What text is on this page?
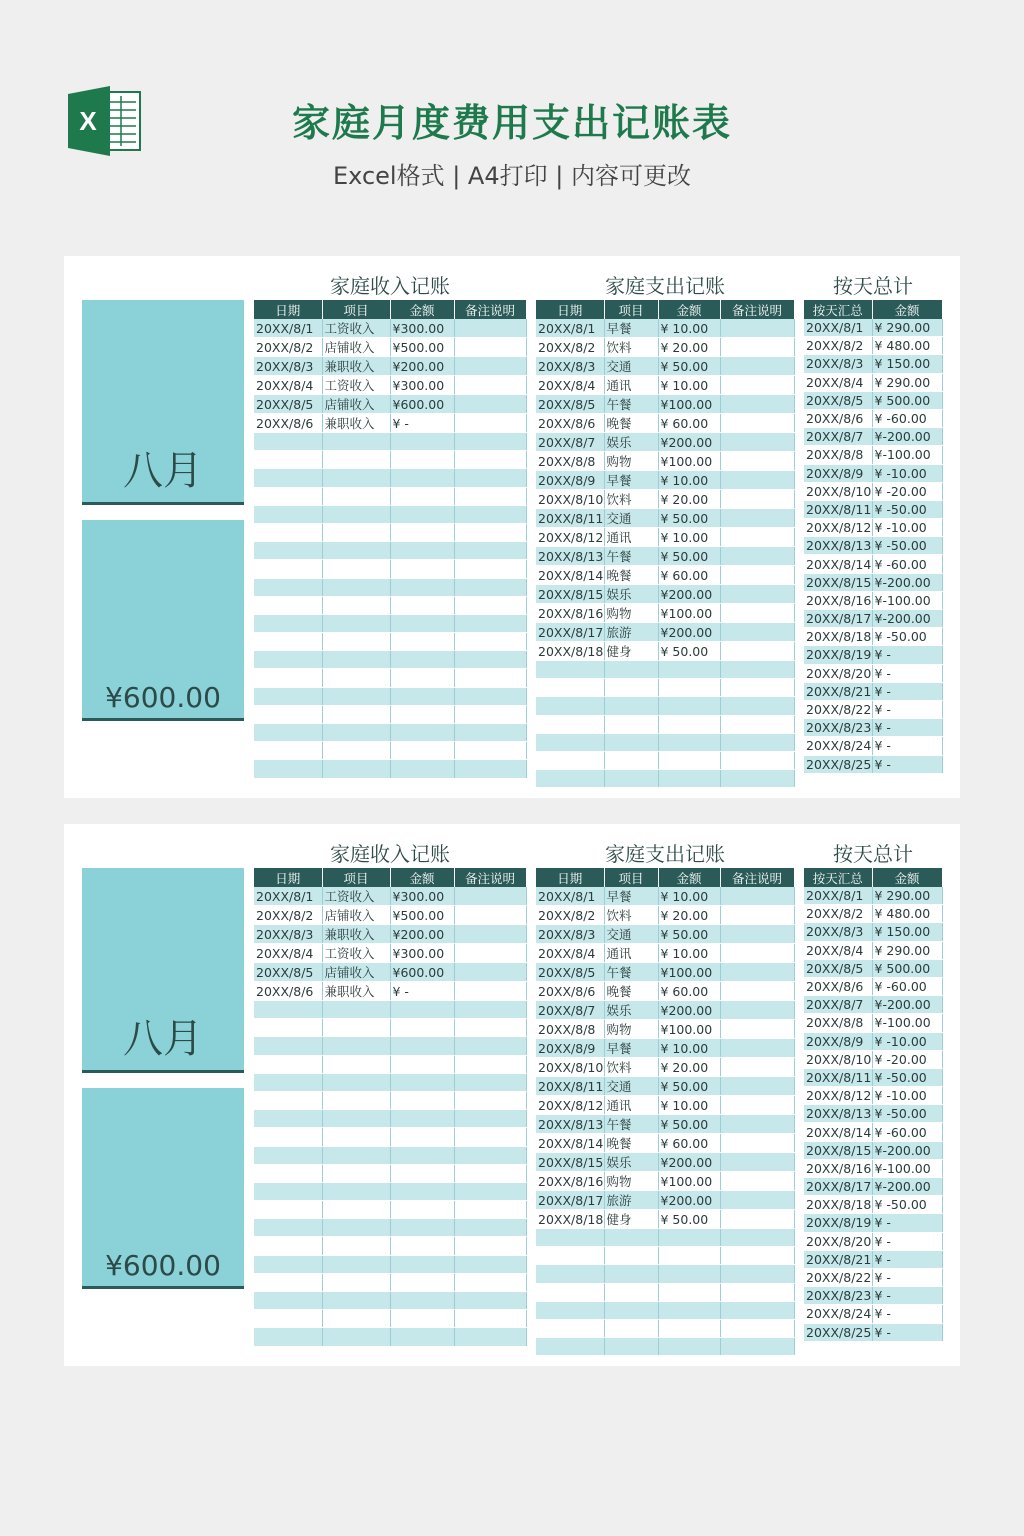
X	家庭月度费用支出记账表
Excel格式 | A4打印 | 内容可更改

八月
¥600.00
家庭收入记账
日期	项目	金额	备注说明
20XX/8/1	工资收入	¥300.00	
20XX/8/2	店铺收入	¥500.00	
20XX/8/3	兼职收入	¥200.00	
20XX/8/4	工资收入	¥300.00	
20XX/8/5	店铺收入	¥600.00	
20XX/8/6	兼职收入	¥ -	

家庭支出记账
日期	项目	金额	备注说明
20XX/8/1	早餐	¥ 10.00	
20XX/8/2	饮料	¥ 20.00	
20XX/8/3	交通	¥ 50.00	
20XX/8/4	通讯	¥ 10.00	
20XX/8/5	午餐	¥100.00	
20XX/8/6	晚餐	¥ 60.00	
20XX/8/7	娱乐	¥200.00	
20XX/8/8	购物	¥100.00	
20XX/8/9	早餐	¥ 10.00	
20XX/8/10	饮料	¥ 20.00	
20XX/8/11	交通	¥ 50.00	
20XX/8/12	通讯	¥ 10.00	
20XX/8/13	午餐	¥ 50.00	
20XX/8/14	晚餐	¥ 60.00	
20XX/8/15	娱乐	¥200.00	
20XX/8/16	购物	¥100.00	
20XX/8/17	旅游	¥200.00	
20XX/8/18	健身	¥ 50.00	

按天总计
按天汇总	金额
20XX/8/1	¥ 290.00
20XX/8/2	¥ 480.00
20XX/8/3	¥ 150.00
20XX/8/4	¥ 290.00
20XX/8/5	¥ 500.00
20XX/8/6	¥ -60.00
20XX/8/7	¥-200.00
20XX/8/8	¥-100.00
20XX/8/9	¥ -10.00
20XX/8/10	¥ -20.00
20XX/8/11	¥ -50.00
20XX/8/12	¥ -10.00
20XX/8/13	¥ -50.00
20XX/8/14	¥ -60.00
20XX/8/15	¥-200.00
20XX/8/16	¥-100.00
20XX/8/17	¥-200.00
20XX/8/18	¥ -50.00
20XX/8/19	¥ -
20XX/8/20	¥ -
20XX/8/21	¥ -
20XX/8/22	¥ -
20XX/8/23	¥ -
20XX/8/24	¥ -
20XX/8/25	¥ -
八月
¥600.00
家庭收入记账
日期	项目	金额	备注说明
20XX/8/1	工资收入	¥300.00	
20XX/8/2	店铺收入	¥500.00	
20XX/8/3	兼职收入	¥200.00	
20XX/8/4	工资收入	¥300.00	
20XX/8/5	店铺收入	¥600.00	
20XX/8/6	兼职收入	¥ -	

家庭支出记账
日期	项目	金额	备注说明
20XX/8/1	早餐	¥ 10.00	
20XX/8/2	饮料	¥ 20.00	
20XX/8/3	交通	¥ 50.00	
20XX/8/4	通讯	¥ 10.00	
20XX/8/5	午餐	¥100.00	
20XX/8/6	晚餐	¥ 60.00	
20XX/8/7	娱乐	¥200.00	
20XX/8/8	购物	¥100.00	
20XX/8/9	早餐	¥ 10.00	
20XX/8/10	饮料	¥ 20.00	
20XX/8/11	交通	¥ 50.00	
20XX/8/12	通讯	¥ 10.00	
20XX/8/13	午餐	¥ 50.00	
20XX/8/14	晚餐	¥ 60.00	
20XX/8/15	娱乐	¥200.00	
20XX/8/16	购物	¥100.00	
20XX/8/17	旅游	¥200.00	
20XX/8/18	健身	¥ 50.00	

按天总计
按天汇总	金额
20XX/8/1	¥ 290.00
20XX/8/2	¥ 480.00
20XX/8/3	¥ 150.00
20XX/8/4	¥ 290.00
20XX/8/5	¥ 500.00
20XX/8/6	¥ -60.00
20XX/8/7	¥-200.00
20XX/8/8	¥-100.00
20XX/8/9	¥ -10.00
20XX/8/10	¥ -20.00
20XX/8/11	¥ -50.00
20XX/8/12	¥ -10.00
20XX/8/13	¥ -50.00
20XX/8/14	¥ -60.00
20XX/8/15	¥-200.00
20XX/8/16	¥-100.00
20XX/8/17	¥-200.00
20XX/8/18	¥ -50.00
20XX/8/19	¥ -
20XX/8/20	¥ -
20XX/8/21	¥ -
20XX/8/22	¥ -
20XX/8/23	¥ -
20XX/8/24	¥ -
20XX/8/25	¥ -
